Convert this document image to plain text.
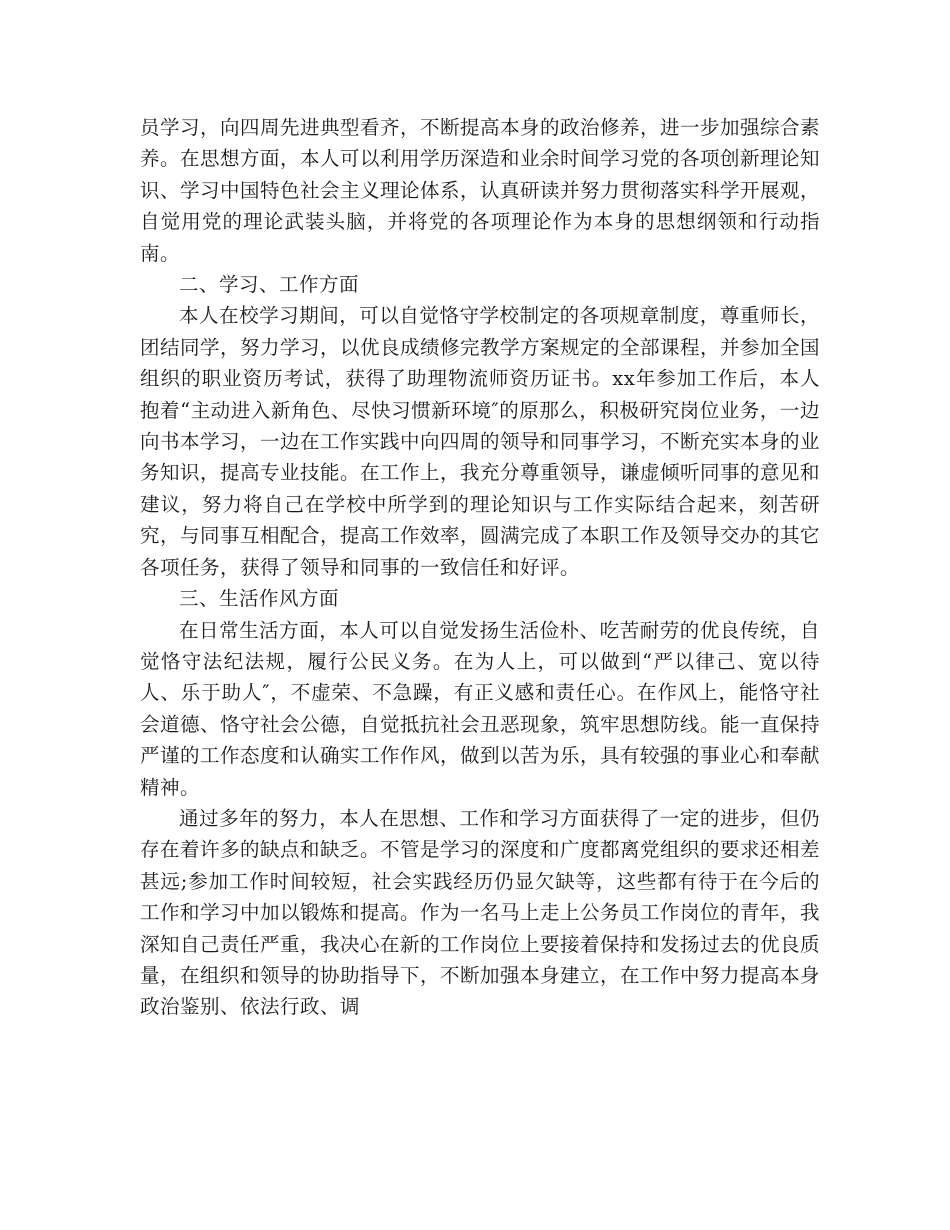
员学习，向四周先进典型看齐，不断提高本身的政治修养，进一步加强综合素养。在思想方面，本人可以利用学历深造和业余时间学习党的各项创新理论知识、学习中国特色社会主义理论体系，认真研读并努力贯彻落实科学开展观，自觉用党的理论武装头脑，并将党的各项理论作为本身的思想纲领和行动指南。

二、学习、工作方面

本人在校学习期间，可以自觉恪守学校制定的各项规章制度，尊重师长，团结同学，努力学习，以优良成绩修完教学方案规定的全部课程，并参加全国组织的职业资历考试，获得了助理物流师资历证书。xx年参加工作后，本人抱着“主动进入新角色、尽快习惯新环境″的原那么，积极研究岗位业务，一边向书本学习，一边在工作实践中向四周的领导和同事学习，不断充实本身的业务知识，提高专业技能。在工作上，我充分尊重领导，谦虚倾听同事的意见和建议，努力将自己在学校中所学到的理论知识与工作实际结合起来，刻苦研究，与同事互相配合，提高工作效率，圆满完成了本职工作及领导交办的其它各项任务，获得了领导和同事的一致信任和好评。

三、生活作风方面

在日常生活方面，本人可以自觉发扬生活俭朴、吃苦耐劳的优良传统，自觉恪守法纪法规，履行公民义务。在为人上，可以做到“严以律己、宽以待人、乐于助人″，不虚荣、不急躁，有正义感和责任心。在作风上，能恪守社会道德、恪守社会公德，自觉抵抗社会丑恶现象，筑牢思想防线。能一直保持严谨的工作态度和认确实工作作风，做到以苦为乐，具有较强的事业心和奉献精神。

通过多年的努力，本人在思想、工作和学习方面获得了一定的进步，但仍存在着许多的缺点和缺乏。不管是学习的深度和广度都离党组织的要求还相差甚远;参加工作时间较短，社会实践经历仍显欠缺等，这些都有待于在今后的工作和学习中加以锻炼和提高。作为一名马上走上公务员工作岗位的青年，我深知自己责任严重，我决心在新的工作岗位上要接着保持和发扬过去的优良质量，在组织和领导的协助指导下，不断加强本身建立，在工作中努力提高本身政治鉴别、依法行政、调
